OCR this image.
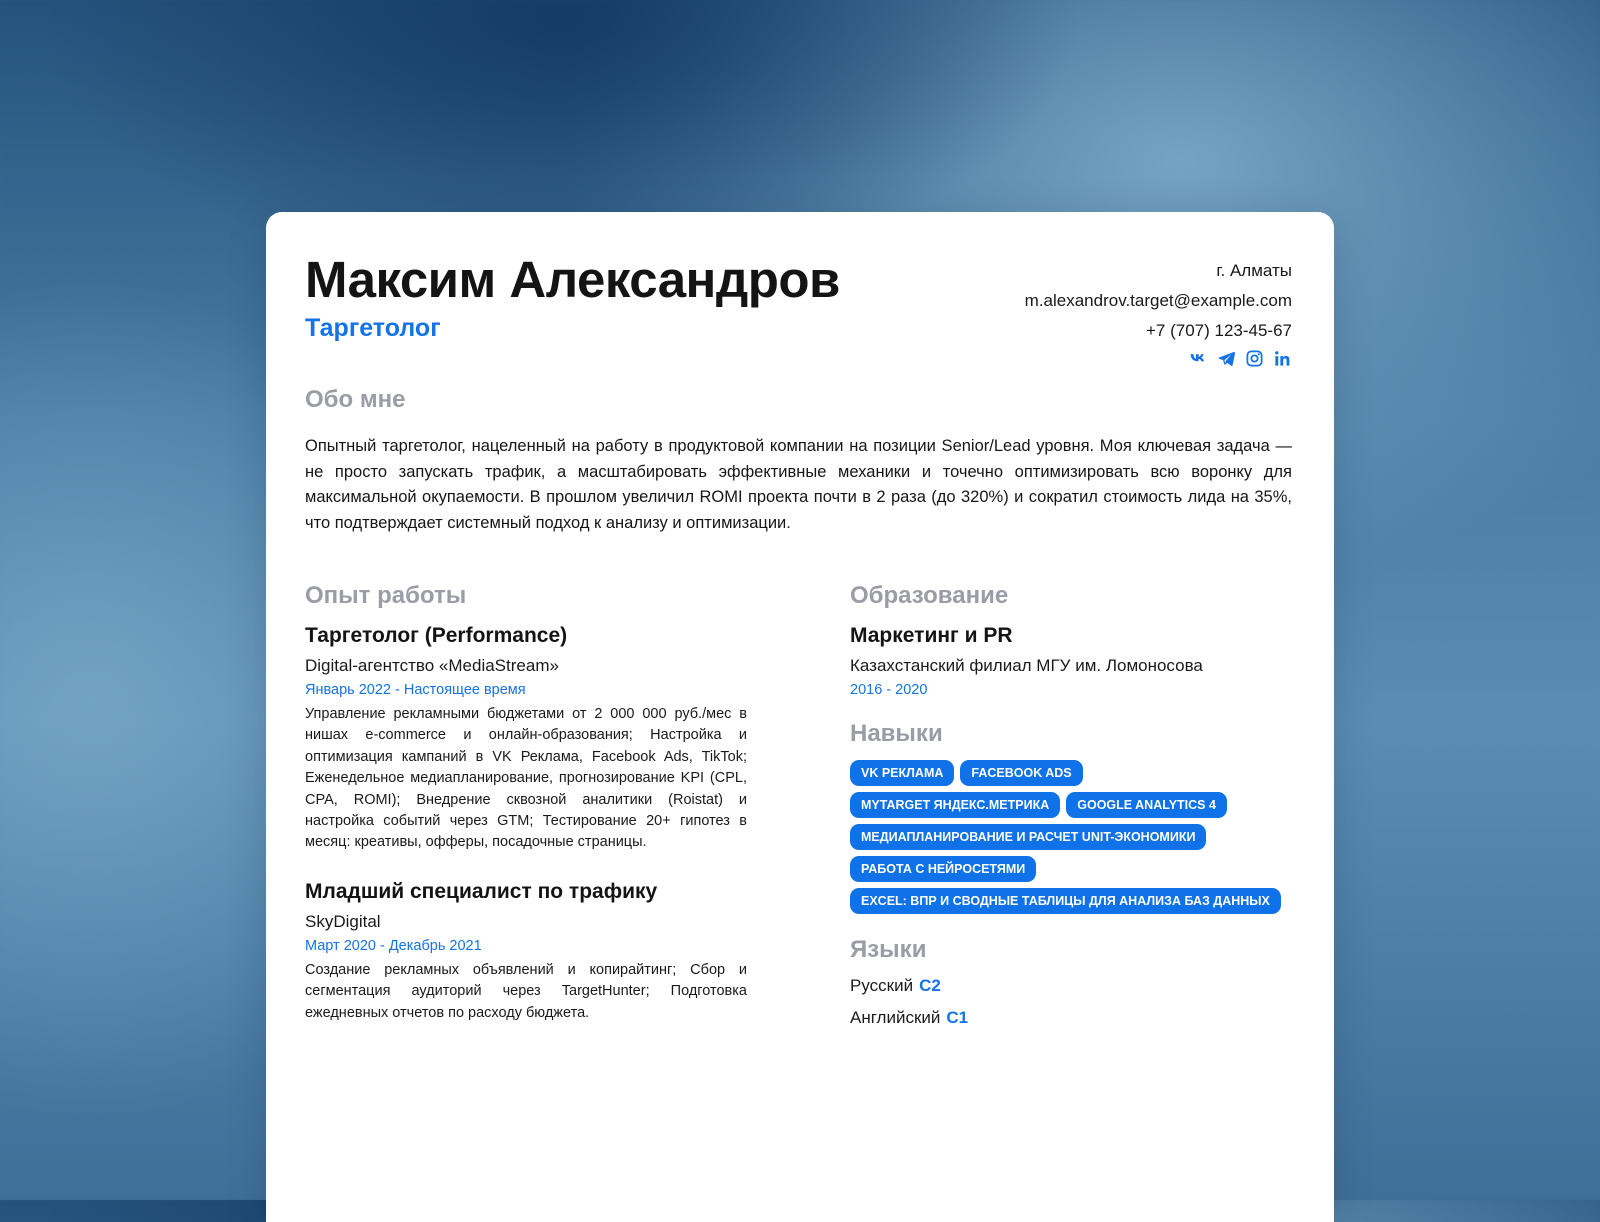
Максим Александров
Таргетолог
г. Алматы
m.alexandrov.target@example.com
+7 (707) 123-45-67
Обо мне

Опытный таргетолог, нацеленный на работу в продуктовой компании на позиции Senior/Lead уровня. Моя ключевая задача — не просто запускать трафик, а масштабировать эффективные механики и точечно оптимизировать всю воронку для максимальной окупаемости. В прошлом увеличил ROMI проекта почти в 2 раза (до 320%) и сократил стоимость лида на 35%, что подтверждает системный подход к анализу и оптимизации.

Опыт работы
Таргетолог (Performance)
Digital-агентство «MediaStream»
Январь 2022 - Настоящее время

Управление рекламными бюджетами от 2 000 000 руб./мес в нишах e-commerce и онлайн-образования; Настройка и оптимизация кампаний в VK Реклама, Facebook Ads, TikTok; Еженедельное медиапланирование, прогнозирование KPI (CPL, CPA, ROMI); Внедрение сквозной аналитики (Roistat) и настройка событий через GTM; Тестирование 20+ гипотез в месяц: креативы, офферы, посадочные страницы.

Младший специалист по трафику
SkyDigital
Март 2020 - Декабрь 2021

Создание рекламных объявлений и копирайтинг; Сбор и сегментация аудиторий через TargetHunter; Подготовка ежедневных отчетов по расходу бюджета.

Образование
Маркетинг и PR
Казахстанский филиал МГУ им. Ломоносова
2016 - 2020
Навыки
VK РЕКЛАМА	FACEBOOK ADS
MYTARGET ЯНДЕКС.МЕТРИКА	GOOGLE ANALYTICS 4
МЕДИАПЛАНИРОВАНИЕ И РАСЧЕТ UNIT-ЭКОНОМИКИ
РАБОТА С НЕЙРОСЕТЯМИ
EXCEL: ВПР И СВОДНЫЕ ТАБЛИЦЫ ДЛЯ АНАЛИЗА БАЗ ДАННЫХ
Языки
Русский C2
Английский C1
